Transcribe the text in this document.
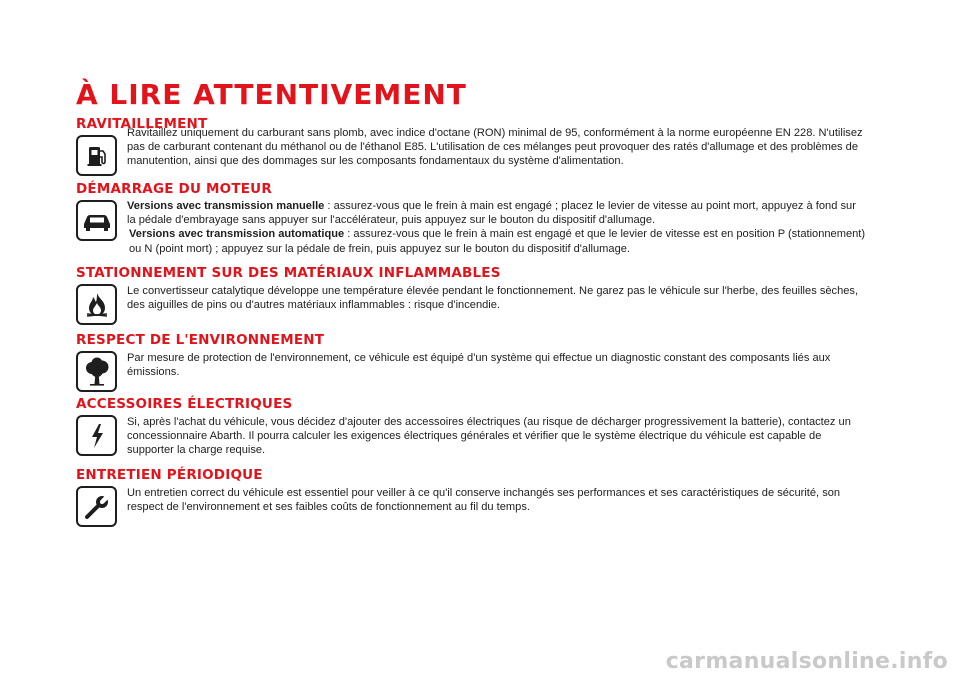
À LIRE ATTENTIVEMENT
RAVITAILLEMENT

Ravitaillez uniquement du carburant sans plomb, avec indice d'octane (RON) minimal de 95, conformément à la norme européenne EN 228. N'utilisez pas de carburant contenant du méthanol ou de l'éthanol E85. L'utilisation de ces mélanges peut provoquer des ratés d'allumage et des problèmes de manutention, ainsi que des dommages sur les composants fondamentaux du système d'alimentation.

DÉMARRAGE DU MOTEUR

Versions avec transmission manuelle : assurez-vous que le frein à main est engagé ; placez le levier de vitesse au point mort, appuyez à fond sur la pédale d'embrayage sans appuyer sur l'accélérateur, puis appuyez sur le bouton du dispositif d'allumage.

Versions avec transmission automatique : assurez-vous que le frein à main est engagé et que le levier de vitesse est en position P (stationnement) ou N (point mort) ; appuyez sur la pédale de frein, puis appuyez sur le bouton du dispositif d'allumage.

STATIONNEMENT SUR DES MATÉRIAUX INFLAMMABLES

Le convertisseur catalytique développe une température élevée pendant le fonctionnement. Ne garez pas le véhicule sur l'herbe, des feuilles sèches, des aiguilles de pins ou d'autres matériaux inflammables : risque d'incendie.

RESPECT DE L'ENVIRONNEMENT

Par mesure de protection de l'environnement, ce véhicule est équipé d'un système qui effectue un diagnostic constant des composants liés aux émissions.

ACCESSOIRES ÉLECTRIQUES

Si, après l'achat du véhicule, vous décidez d'ajouter des accessoires électriques (au risque de décharger progressivement la batterie), contactez un concessionnaire Abarth. Il pourra calculer les exigences électriques générales et vérifier que le système électrique du véhicule est capable de supporter la charge requise.

ENTRETIEN PÉRIODIQUE

Un entretien correct du véhicule est essentiel pour veiller à ce qu'il conserve inchangés ses performances et ses caractéristiques de sécurité, son respect de l'environnement et ses faibles coûts de fonctionnement au fil du temps.

carmanualsonline.info
